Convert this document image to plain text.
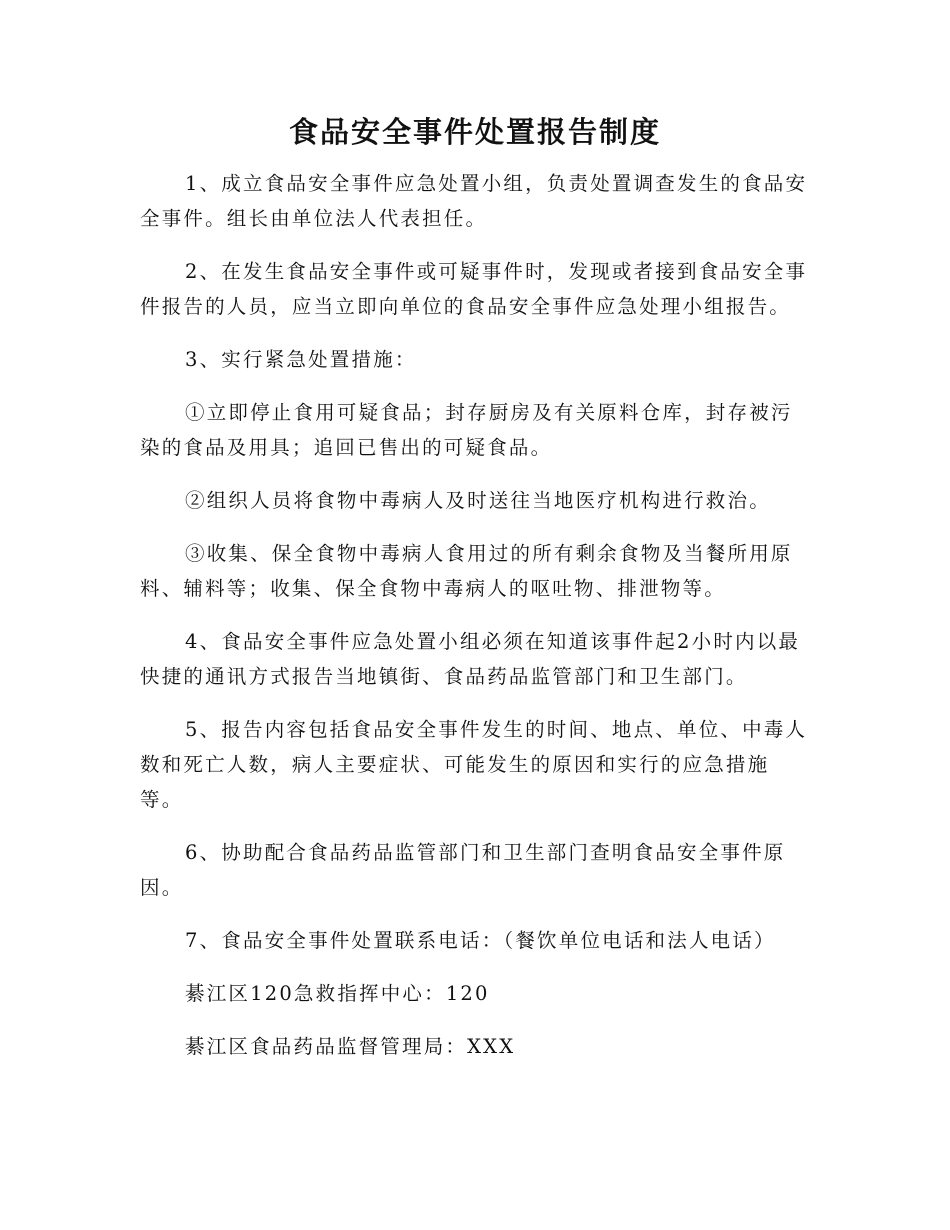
食品安全事件处置报告制度

1、成立食品安全事件应急处置小组，负责处置调查发生的食品安全事件。组长由单位法人代表担任。

2、在发生食品安全事件或可疑事件时，发现或者接到食品安全事件报告的人员，应当立即向单位的食品安全事件应急处理小组报告。

3、实行紧急处置措施：

①立即停止食用可疑食品；封存厨房及有关原料仓库，封存被污染的食品及用具；追回已售出的可疑食品。

②组织人员将食物中毒病人及时送往当地医疗机构进行救治。

③收集、保全食物中毒病人食用过的所有剩余食物及当餐所用原料、辅料等；收集、保全食物中毒病人的呕吐物、排泄物等。

4、食品安全事件应急处置小组必须在知道该事件起2小时内以最快捷的通讯方式报告当地镇街、食品药品监管部门和卫生部门。

5、报告内容包括食品安全事件发生的时间、地点、单位、中毒人数和死亡人数，病人主要症状、可能发生的原因和实行的应急措施等。

6、协助配合食品药品监管部门和卫生部门查明食品安全事件原因。

7、食品安全事件处置联系电话：（餐饮单位电话和法人电话）

綦江区120急救指挥中心：120

綦江区食品药品监督管理局：XXX
